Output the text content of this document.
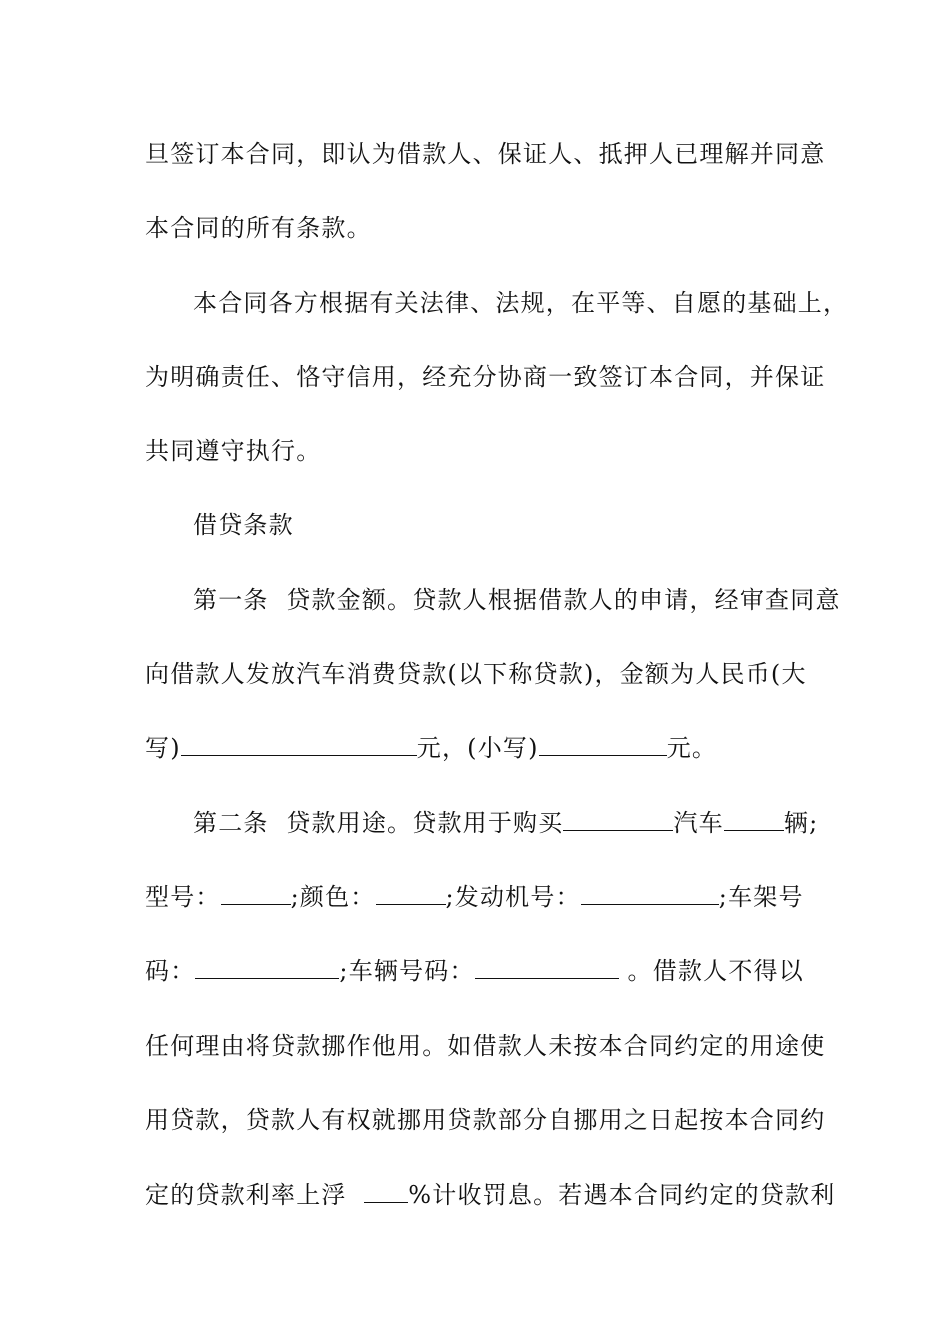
旦签订本合同，即认为借款人、保证人、抵押人已理解并同意
本合同的所有条款。
本合同各方根据有关法律、法规，在平等、自愿的基础上，
为明确责任、恪守信用，经充分协商一致签订本合同，并保证
共同遵守执行。
借贷条款
第一条  贷款金额。贷款人根据借款人的申请，经审查同意
向借款人发放汽车消费贷款(以下称贷款)，金额为人民币(大
写)	元，(小写)	元。
第二条  贷款用途。贷款用于购买	汽车	辆;
型号：	;颜色：	;发动机号：	;车架号
码：	;车辆号码：	。借款人不得以
任何理由将贷款挪作他用。如借款人未按本合同约定的用途使
用贷款，贷款人有权就挪用贷款部分自挪用之日起按本合同约
定的贷款利率上浮  %计收罚息。若遇本合同约定的贷款利
